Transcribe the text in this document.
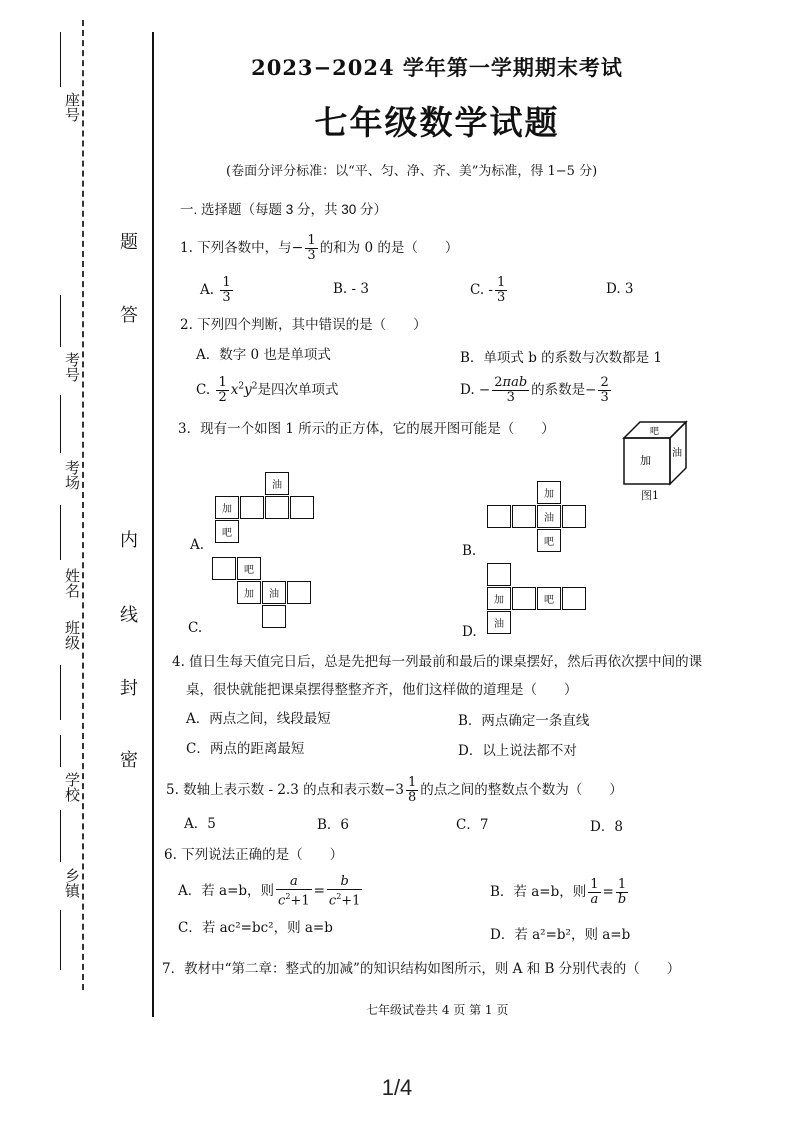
座号
考号
考场
班级
姓名
学校
乡镇
题
答
内
线
封
密
2023−2024 学年第一学期期末考试
七年级数学试题
(卷面分评分标准：以“平、匀、净、齐、美”为标准，得 1−5 分)
一. 选择题（每题 3 分，共 30 分）
1. 下列各数中，与− $\frac{1}{3}$ 的和为 0 的是（　　）
A. $\frac{1}{3}$	B. - 3	C. - $\frac{1}{3}$	D. 3
2. 下列四个判断，其中错误的是（　　）
A．数字 0 也是单项式	B．单项式 b 的系数与次数都是 1
C. $\frac{1}{2} x^2y^2$是四次单项式	D. − $\frac{\text{2πab}}{3}$ 的系数是− $\frac{2}{3}$
3．现有一个如图 1 所示的正方体，它的展开图可能是（　　）	吧
加
油
图1
油
加
吧
A.
加
油
吧
B.
吧
加	油
C.
加	吧
油
D.
4. 值日生每天值完日后，总是先把每一列最前和最后的课桌摆好，然后再依次摆中间的课
桌，很快就能把课桌摆得整整齐齐，他们这样做的道理是（　　）
A．两点之间，线段最短	B．两点确定一条直线
C．两点的距离最短	D．以上说法都不对
5. 数轴上表示数 - 2.3 的点和表示数$-3 \frac{1}{8}$ 的点之间的整数点个数为（　　）
A．5	B．6	C．7	D．8
6. 下列说法正确的是（　　）
A．若 a=b，则 $\frac{a}{c^2+1} = \frac{b}{c^2+1}$	B．若 a=b，则 $\frac{1}{a} = \frac{1}{b}$
C．若 ac²=bc²，则 a=b	D．若 a²=b²，则 a=b
7．教材中“第二章：整式的加减”的知识结构如图所示，则 A 和 B 分别代表的（　　）
七年级试卷共 4 页 第 1 页
1/4
